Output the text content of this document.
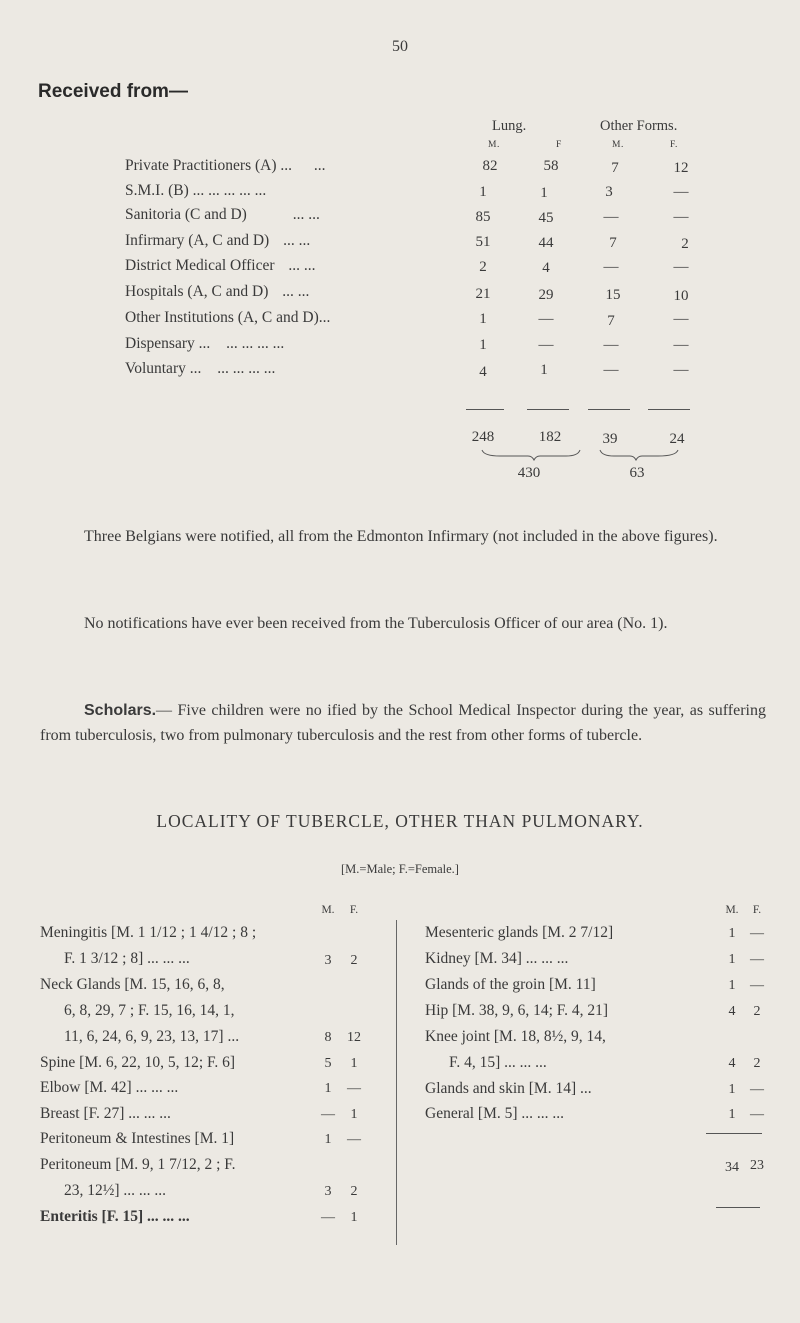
50
Received from—
Lung.	Other Forms.
M.	F	M.	F.
Private Practitioners (A) ... ...	82	58	7	12
S.M.I. (B) ... ... ... ... ...	1	1	3	—
Sanitoria (C and D)	... ...	85	45	—	—
Infirmary (A, C and D) ... ...	51	44	7	2
District Medical Officer ... ...	2	4	—	—
Hospitals (A, C and D) ... ...	21	29	15	10
Other Institutions (A, C and D)...	1	—	7	—
Dispensary ... ... ... ... ...	1	—	—	—
Voluntary ... ... ... ... ...	4	1	—	—
248	182	39	24
430	63
Three Belgians were notified, all from the Edmonton Infirmary (not included in the above figures).
No notifications have ever been received from the Tuberculosis Officer of our area (No. 1).
Scholars.— Five children were no ified by the School Medical Inspector during the year, as suffering from tuberculosis, two from pulmonary tuberculosis and the rest from other forms of tubercle.
LOCALITY OF TUBERCLE, OTHER THAN PULMONARY.
[M.=Male; F.=Female.]
M.	F.	M.	F.
Meningitis [M. 1 1/12 ; 1 4/12 ; 8 ;
F. 1 3/12 ; 8] ... ... ...	3	2
Neck Glands [M. 15, 16, 6, 8,
6, 8, 29, 7 ; F. 15, 16, 14, 1,
11, 6, 24, 6, 9, 23, 13, 17] ...	8	12
Spine [M. 6, 22, 10, 5, 12; F. 6]	5	1
Elbow [M. 42] ... ... ...	1	—
Breast [F. 27] ... ... ...	—	1
Peritoneum & Intestines [M. 1]	1	—
Peritoneum [M. 9, 1 7/12, 2 ; F.
23, 12½] ... ... ...	3	2
Enteritis [F. 15] ... ... ...	—	1
Mesenteric glands [M. 2 7/12]	1	—
Kidney [M. 34] ... ... ...	1	—
Glands of the groin [M. 11]	1	—
Hip [M. 38, 9, 6, 14; F. 4, 21]	4	2
Knee joint [M. 18, 8½, 9, 14,
F. 4, 15] ... ... ...	4	2
Glands and skin [M. 14] ...	1	—
General [M. 5] ... ... ...	1	—
34 23
